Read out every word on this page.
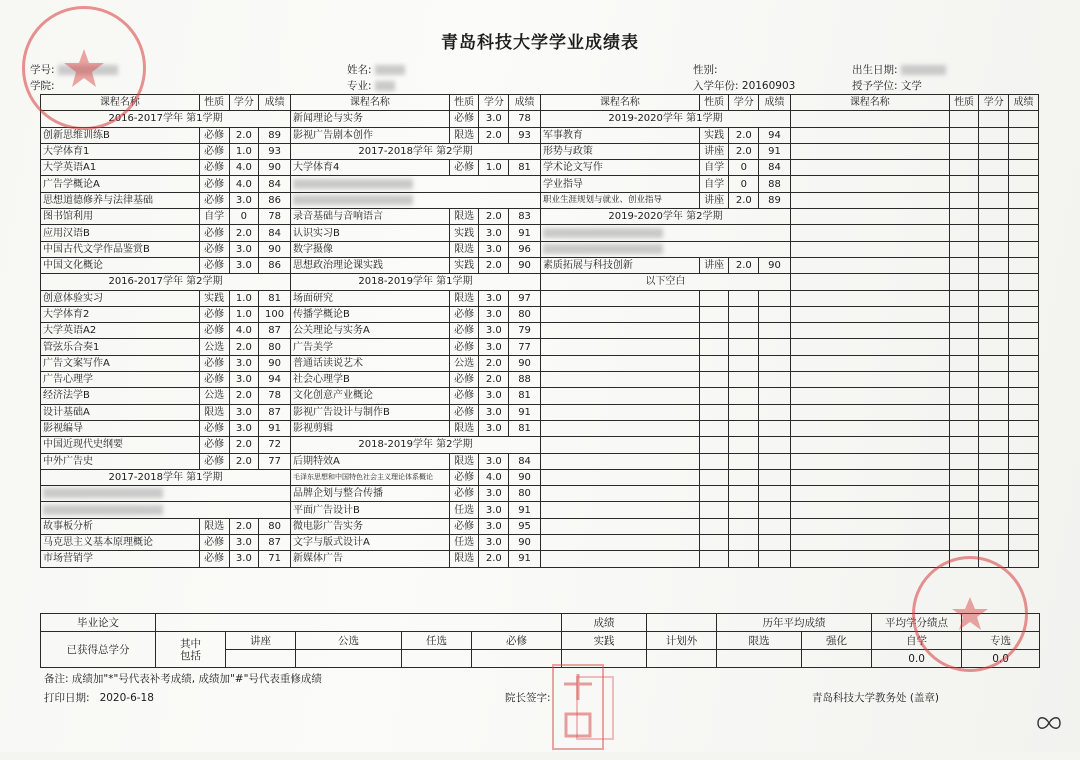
青岛科技大学学业成绩表
学号:	姓名:	性别:	出生日期:
学院:	专业:	入学年份: 20160903	授予学位: 文学
课程名称	性质	学分	成绩	课程名称	性质	学分	成绩	课程名称	性质	学分	成绩	课程名称	性质	学分	成绩
2016-2017学年 第1学期				新闻理论与实务	必修	3.0	78	2019-2020学年 第1学期							
创新思维训练B	必修	2.0	89	影视广告剧本创作	限选	2.0	93	军事教育	实践	2.0	94				
大学体育1	必修	1.0	93	2017-2018学年 第2学期				形势与政策	讲座	2.0	91				
大学英语A1	必修	4.0	90	大学体育4	必修	1.0	81	学术论文写作	自学	0	84				
广告学概论A	必修	4.0	84					学业指导	自学	0	88				
思想道德修养与法律基础	必修	3.0	86					职业生涯规划与就业、创业指导	讲座	2.0	89				
图书馆利用	自学	0	78	录音基础与音响语言	限选	2.0	83	2019-2020学年 第2学期							
应用汉语B	必修	2.0	84	认识实习B	实践	3.0	91								
中国古代文学作品鉴赏B	必修	3.0	90	数字摄像	限选	3.0	96								
中国文化概论	必修	3.0	86	思想政治理论课实践	实践	2.0	90	素质拓展与科技创新	讲座	2.0	90				
2016-2017学年 第2学期				2018-2019学年 第1学期				以下空白							
创意体验实习	实践	1.0	81	场面研究	限选	3.0	97								
大学体育2	必修	1.0	100	传播学概论B	必修	3.0	80								
大学英语A2	必修	4.0	87	公关理论与实务A	必修	3.0	79								
管弦乐合奏1	公选	2.0	80	广告美学	必修	3.0	77								
广告文案写作A	必修	3.0	90	普通话读说艺术	公选	2.0	90								
广告心理学	必修	3.0	94	社会心理学B	必修	2.0	88								
经济法学B	公选	2.0	78	文化创意产业概论	必修	3.0	81								
设计基础A	限选	3.0	87	影视广告设计与制作B	必修	3.0	91								
影视编导	必修	3.0	91	影视剪辑	限选	3.0	81								
中国近现代史纲要	必修	2.0	72	2018-2019学年 第2学期											
中外广告史	必修	2.0	77	后期特效A	限选	3.0	84								
2017-2018学年 第1学期				毛泽东思想和中国特色社会主义理论体系概论	必修	4.0	90								
				品牌企划与整合传播	必修	3.0	80								
				平面广告设计B	任选	3.0	91								
故事板分析	限选	2.0	80	微电影广告实务	必修	3.0	95								
马克思主义基本原理概论	必修	3.0	87	文字与版式设计A	任选	3.0	90								
市场营销学	必修	3.0	71	新媒体广告	限选	2.0	91								
毕业论文						成绩		历年平均成绩		平均学分绩点	
已获得总学分	其中
包括	讲座	公选	任选	必修	实践	计划外	限选	强化	自学	专选
										0.0	0.0
备注: 成绩加"*"号代表补考成绩, 成绩加"#"号代表重修成绩
打印日期: 2020-6-18	院长签字:	青岛科技大学教务处 (盖章)
